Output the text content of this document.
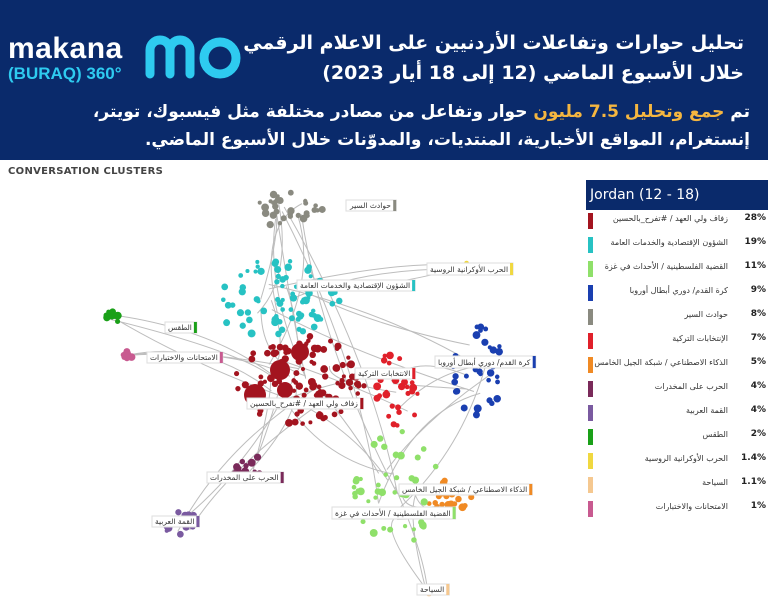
makana
(BURAQ) 360°
تحليل حوارات وتفاعلات الأردنيين على الاعلام الرقمي خلال الأسبوع الماضي (12 إلى 18 أيار 2023)
تم جمع وتحليل 7.5 مليون حوار وتفاعل من مصادر مختلفة مثل فيسبوك، تويتر، إنستغرام، المواقع الأخبارية، المنتديات، والمدوّنات خلال الأسبوع الماضي.
CONVERSATION CLUSTERS
حوادث السير
الحرب الأوكرانية الروسية
الشؤون الإقتصادية والخدمات العامة
الطقس
الامتحانات والاختبارات
الانتخابات التركية
كرة القدم/ دوري أبطال أوروبا
زفاف ولي العهد / #تفرح_بالحسين
الحرب على المخدرات
الذكاء الاصطناعي / شبكة الجيل الخامس
القضية الفلسطينية / الأحداث في غزة
القمة العربية
السياحة
Jordan (12 - 18)
زفاف ولي العهد / #تفرح_بالحسين 28%
الشؤون الإقتصادية والخدمات العامة 19%
القضية الفلسطينية / الأحداث في غزة 11%
كرة القدم/ دوري أبطال أوروبا	9%
حوادث السير	8%
الإنتخابات التركية	7%
الذكاء الاصطناعي / شبكة الجيل الخامس	5%
الحرب على المخدرات	4%
القمة العربية	4%
الطقس	2%
الحرب الأوكرانية الروسية 1.4%
السياحة 1.1%
الامتحانات والاختبارات	1%
